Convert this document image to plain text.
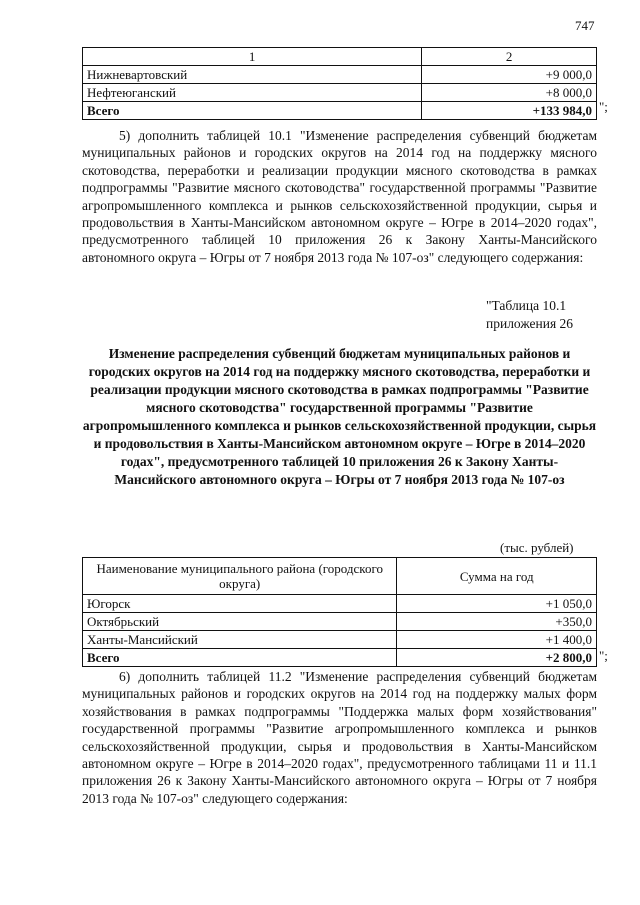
747
1	2
Нижневартовский	+9 000,0
Нефтеюганский	+8 000,0
Всего	+133 984,0 ";

5) дополнить таблицей 10.1 "Изменение распределения субвенций бюджетам муниципальных районов и городских округов на 2014 год на поддержку мясного скотоводства, переработки и реализации продукции мясного скотоводства в рамках подпрограммы "Развитие мясного скотоводства" государственной программы "Развитие агропромышленного комплекса и рынков сельскохозяйственной продукции, сырья и продовольствия в Ханты-Мансийском автономном округе – Югре в 2014–2020 годах", предусмотренного таблицей 10 приложения 26 к Закону Ханты-Мансийского автономного округа – Югры от 7 ноября 2013 года № 107-оз" следующего содержания:

"Таблица 10.1
приложения 26

Изменение распределения субвенций бюджетам муниципальных районов и городских округов на 2014 год на поддержку мясного скотоводства, переработки и реализации продукции мясного скотоводства в рамках подпрограммы "Развитие мясного скотоводства" государственной программы "Развитие агропромышленного комплекса и рынков сельскохозяйственной продукции, сырья и продовольствия в Ханты-Мансийском автономном округе – Югре в 2014–2020 годах", предусмотренного таблицей 10 приложения 26 к Закону Ханты-Мансийского автономного округа – Югры от 7 ноября 2013 года № 107-оз

(тыс. рублей)
Наименование муниципального района (городского округа)	Сумма на год
Югорск	+1 050,0
Октябрьский	+350,0
Ханты-Мансийский	+1 400,0
Всего	+2 800,0 ";

6) дополнить таблицей 11.2 "Изменение распределения субвенций бюджетам муниципальных районов и городских округов на 2014 год на поддержку малых форм хозяйствования в рамках подпрограммы "Поддержка малых форм хозяйствования" государственной программы "Развитие агропромышленного комплекса и рынков сельскохозяйственной продукции, сырья и продовольствия в Ханты-Мансийском автономном округе – Югре в 2014–2020 годах", предусмотренного таблицами 11 и 11.1 приложения 26 к Закону Ханты-Мансийского автономного округа – Югры от 7 ноября 2013 года № 107-оз" следующего содержания:
